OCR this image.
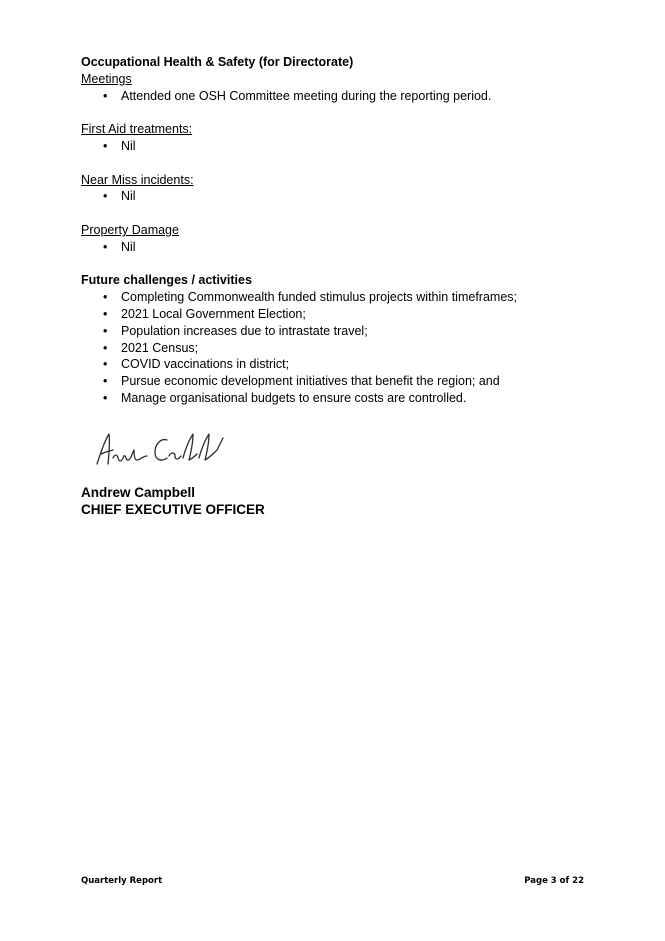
Occupational Health & Safety (for Directorate)

Meetings

• Attended one OSH Committee meeting during the reporting period.

First Aid treatments:

• Nil

Near Miss incidents:

• Nil

Property Damage

• Nil

Future challenges / activities

• Completing Commonwealth funded stimulus projects within timeframes;
• 2021 Local Government Election;
• Population increases due to intrastate travel;
• 2021 Census;
• COVID vaccinations in district;
• Pursue economic development initiatives that benefit the region; and
• Manage organisational budgets to ensure costs are controlled.

Andrew Campbell

CHIEF EXECUTIVE OFFICER

Quarterly Report	Page 3 of 22
